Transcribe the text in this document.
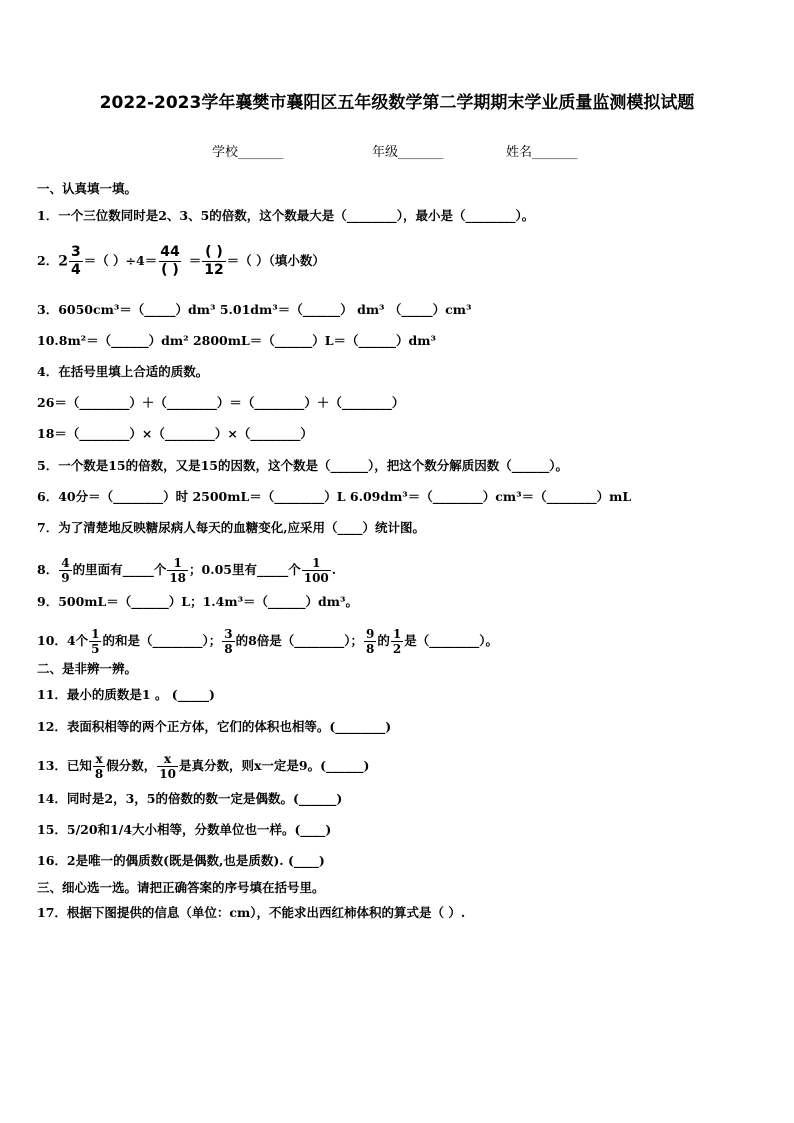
2022-2023学年襄樊市襄阳区五年级数学第二学期期末学业质量监测模拟试题
学校_______	年级_______	姓名_______
一、认真填一填。
1．一个三位数同时是2、3、5的倍数，这个数最大是（________），最小是（________）。
2．$2 \frac{3}{4}$ ＝（ ）$\div 4= \frac{44}{( )} = \frac{( )}{12}$ ＝（ ）（填小数）
3．6050cm³＝（_____）dm³ 5.01dm³＝（______） dm³ （_____）cm³
10.8m²＝（______）dm² 2800mL＝（______）L＝（______）dm³
4．在括号里填上合适的质数。
26＝（________）＋（________）＝（________）＋（________）
18＝（________）×（________）×（________）
5．一个数是15的倍数，又是15的因数，这个数是（______），把这个数分解质因数（______）。
6．40分＝（________）时 2500mL＝（________）L 6.09dm³＝（________）cm³＝（________）mL
7．为了清楚地反映糖尿病人每天的血糖变化,应采用（____）统计图。
8． $\frac{4}{9}$ 的里面有_____个 $\frac{1}{18}$ ；0.05里有_____个 $\frac{1}{100}$ .
9．500mL＝（______）L；1.4m³＝（______）dm³。
10．4个 $\frac{1}{5}$ 的和是（________）； $\frac{3}{8}$ 的8倍是（________）； $\frac{9}{8}$ 的 $\frac{1}{2}$ 是（________）。
二、是非辨一辨。
11．最小的质数是1 。 (_____)
12．表面积相等的两个正方体，它们的体积也相等。(________)
13．已知 $\frac{x}{8}$ 假分数， $\frac{x}{10}$ 是真分数，则x一定是9。(______)
14．同时是2，3，5的倍数的数一定是偶数。(______)
15．5/20和1/4大小相等，分数单位也一样。(____)
16．2是唯一的偶质数(既是偶数,也是质数). (____)
三、细心选一选。请把正确答案的序号填在括号里。
17．根据下图提供的信息（单位：cm），不能求出西红柿体积的算式是（ ）.
